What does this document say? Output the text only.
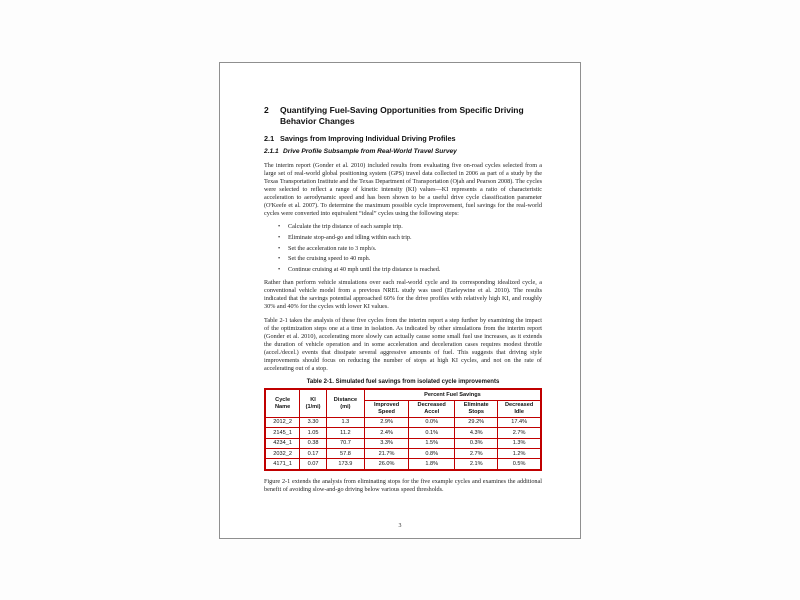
2	Quantifying Fuel-Saving Opportunities from Specific Driving Behavior Changes
2.1 Savings from Improving Individual Driving Profiles
2.1.1 Drive Profile Subsample from Real-World Travel Survey

The interim report (Gonder et al. 2010) included results from evaluating five on-road cycles selected from a large set of real-world global positioning system (GPS) travel data collected in 2006 as part of a study by the Texas Transportation Institute and the Texas Department of Transportation (Ojah and Pearson 2008). The cycles were selected to reflect a range of kinetic intensity (KI) values—KI represents a ratio of characteristic acceleration to aerodynamic speed and has been shown to be a useful drive cycle classification parameter (O'Keefe et al. 2007). To determine the maximum possible cycle improvement, fuel savings for the real-world cycles were converted into equivalent “ideal” cycles using the following steps:

•	Calculate the trip distance of each sample trip.
•	Eliminate stop-and-go and idling within each trip.
•	Set the acceleration rate to 3 mph/s.
•	Set the cruising speed to 40 mph.
•	Continue cruising at 40 mph until the trip distance is reached.

Rather than perform vehicle simulations over each real-world cycle and its corresponding idealized cycle, a conventional vehicle model from a previous NREL study was used (Earleywine et al. 2010). The results indicated that the savings potential approached 60% for the drive profiles with relatively high KI, and roughly 30% and 40% for the cycles with lower KI values.

Table 2-1 takes the analysis of these five cycles from the interim report a step further by examining the impact of the optimization steps one at a time in isolation. As indicated by other simulations from the interim report (Gonder et al. 2010), accelerating more slowly can actually cause some small fuel use increases, as it extends the duration of vehicle operation and in some acceleration and deceleration cases requires modest throttle (accel./decel.) events that dissipate several aggressive amounts of fuel. This suggests that driving style improvements should focus on reducing the number of stops at high KI cycles, and not on the rate of accelerating out of a stop.

Table 2-1. Simulated fuel savings from isolated cycle improvements
Cycle Name	KI (1/mi)	Distance (mi)	Percent Fuel Savings			
			Improved Speed	Decreased Accel	Eliminate Stops	Decreased Idle
2012_2	3.30	1.3	2.9%	0.0%	29.2%	17.4%
2145_1	1.05	11.2	2.4%	0.1%	4.3%	2.7%
4234_1	0.38	70.7	3.3%	1.5%	0.3%	1.3%
2032_2	0.17	57.8	21.7%	0.8%	2.7%	1.2%
4171_1	0.07	173.9	26.0%	1.8%	2.1%	0.5%

Figure 2-1 extends the analysis from eliminating stops for the five example cycles and examines the additional benefit of avoiding slow-and-go driving below various speed thresholds.

3
